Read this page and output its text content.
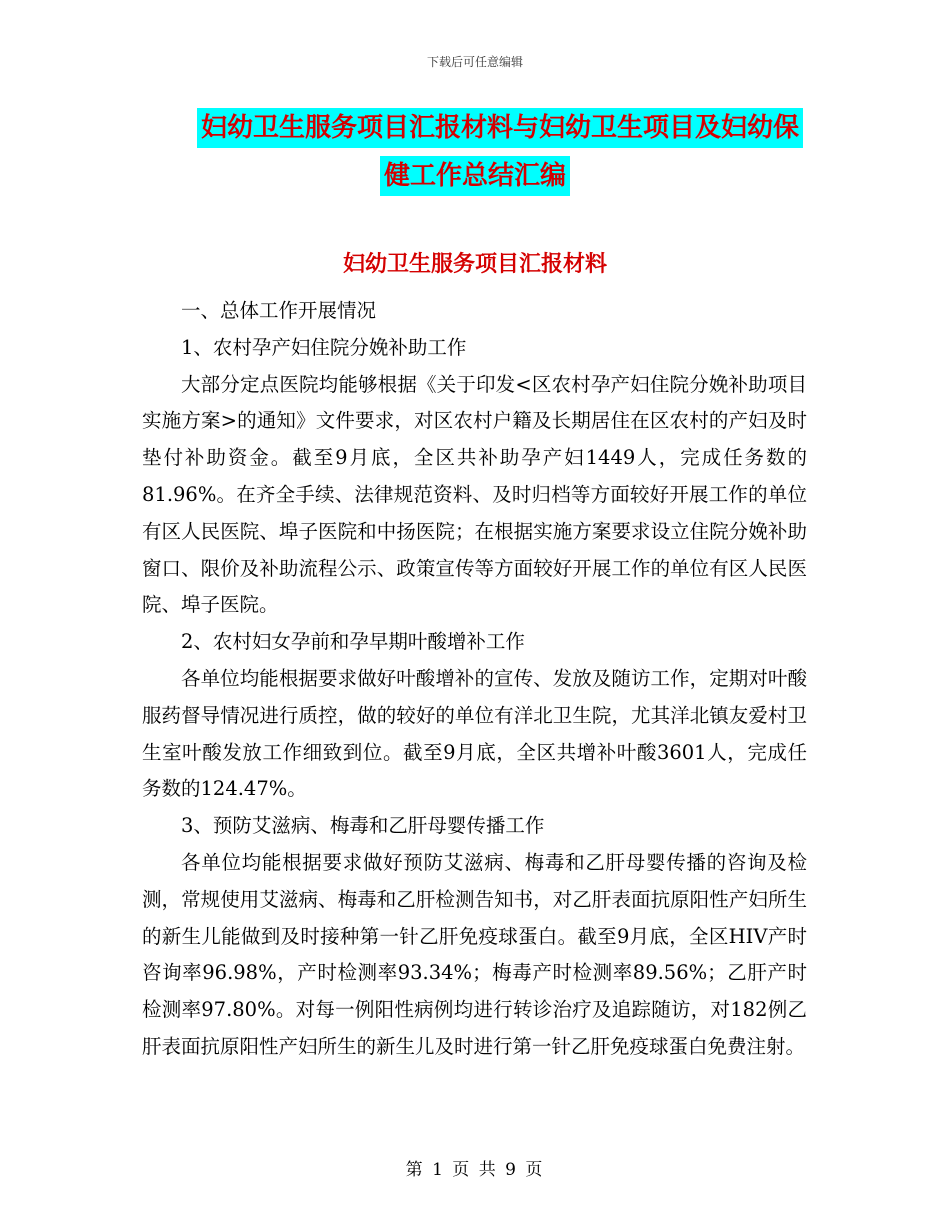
下载后可任意编辑
妇幼卫生服务项目汇报材料与妇幼卫生项目及妇幼保
健工作总结汇编
妇幼卫生服务项目汇报材料

一、总体工作开展情况

1、农村孕产妇住院分娩补助工作

大部分定点医院均能够根据《关于印发<区农村孕产妇住院分娩补助项目实施方案>的通知》文件要求，对区农村户籍及长期居住在区农村的产妇及时垫付补助资金。截至9月底，全区共补助孕产妇1449人，完成任务数的81.96%。在齐全手续、法律规范资料、及时归档等方面较好开展工作的单位有区人民医院、埠子医院和中扬医院；在根据实施方案要求设立住院分娩补助窗口、限价及补助流程公示、政策宣传等方面较好开展工作的单位有区人民医院、埠子医院。

2、农村妇女孕前和孕早期叶酸增补工作

各单位均能根据要求做好叶酸增补的宣传、发放及随访工作，定期对叶酸服药督导情况进行质控，做的较好的单位有洋北卫生院，尤其洋北镇友爱村卫生室叶酸发放工作细致到位。截至9月底，全区共增补叶酸3601人，完成任务数的124.47%。

3、预防艾滋病、梅毒和乙肝母婴传播工作

各单位均能根据要求做好预防艾滋病、梅毒和乙肝母婴传播的咨询及检测，常规使用艾滋病、梅毒和乙肝检测告知书，对乙肝表面抗原阳性产妇所生的新生儿能做到及时接种第一针乙肝免疫球蛋白。截至9月底，全区HIV产时咨询率96.98%，产时检测率93.34%；梅毒产时检测率89.56%；乙肝产时检测率97.80%。对每一例阳性病例均进行转诊治疗及追踪随访，对182例乙肝表面抗原阳性产妇所生的新生儿及时进行第一针乙肝免疫球蛋白免费注射。

第 1 页 共 9 页
